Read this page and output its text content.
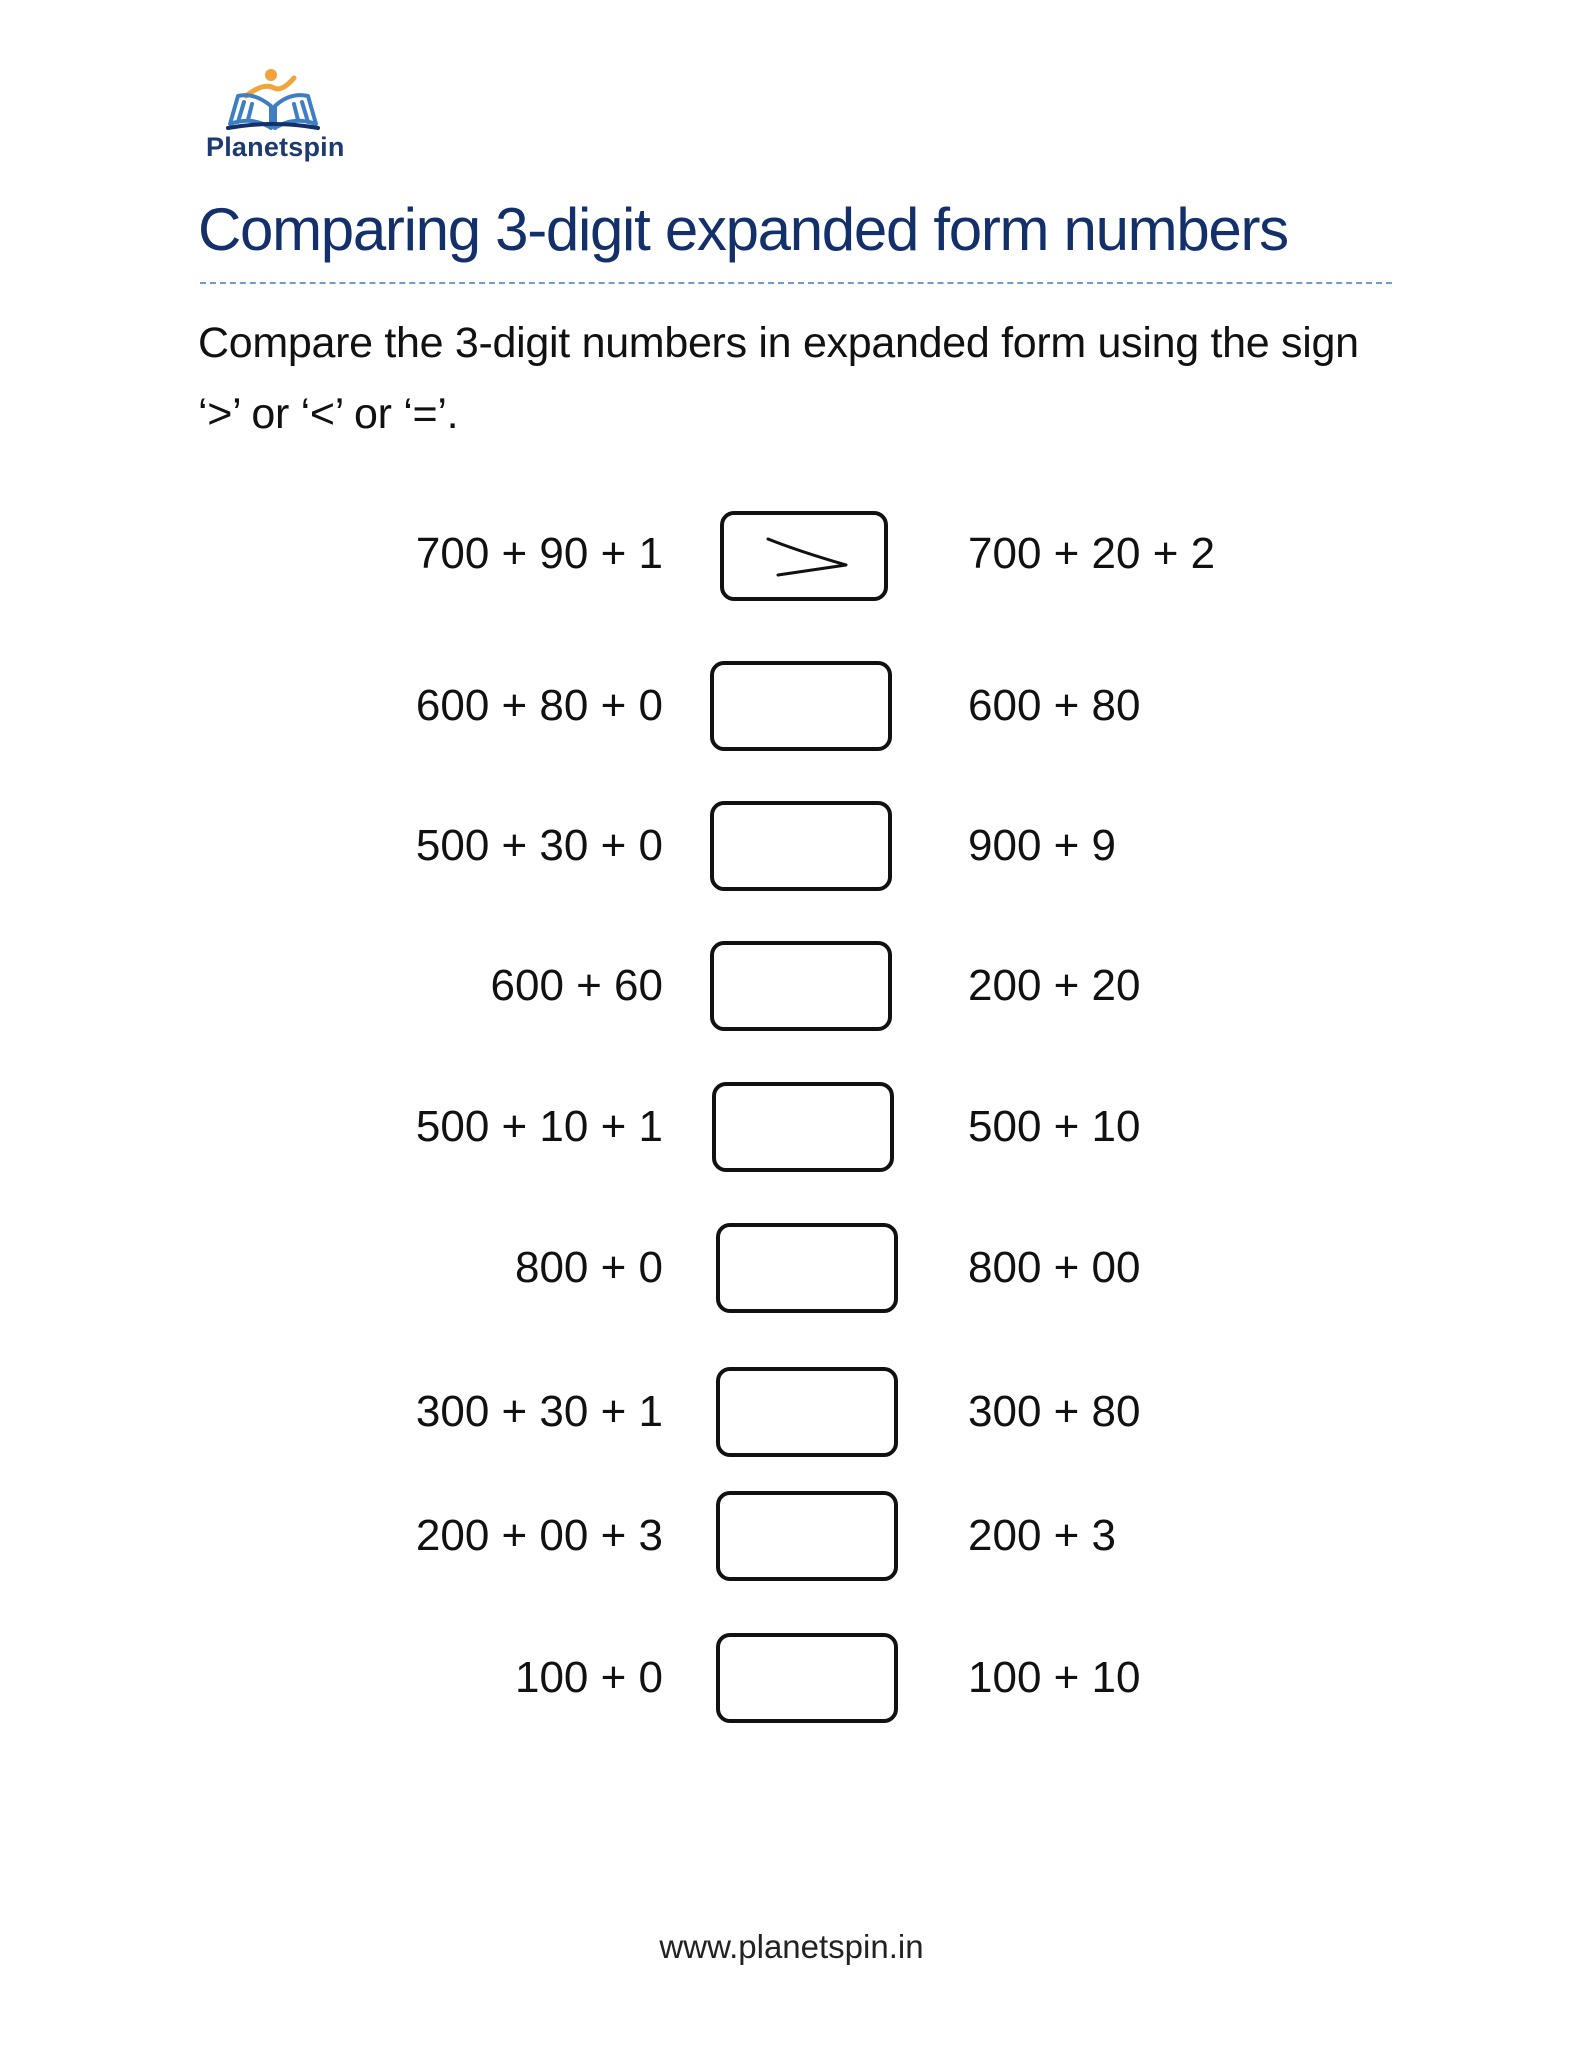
Planetspin
Comparing 3-digit expanded form numbers

Compare the 3-digit numbers in expanded form using the sign ‘>’ or ‘<’ or ‘=’.

700 + 90 + 1	700 + 20 + 2
600 + 80 + 0	600 + 80
500 + 30 + 0	900 + 9
600 + 60	200 + 20
500 + 10 + 1	500 + 10
800 + 0	800 + 00
300 + 30 + 1	300 + 80
200 + 00 + 3	200 + 3
100 + 0	100 + 10
www.planetspin.in
